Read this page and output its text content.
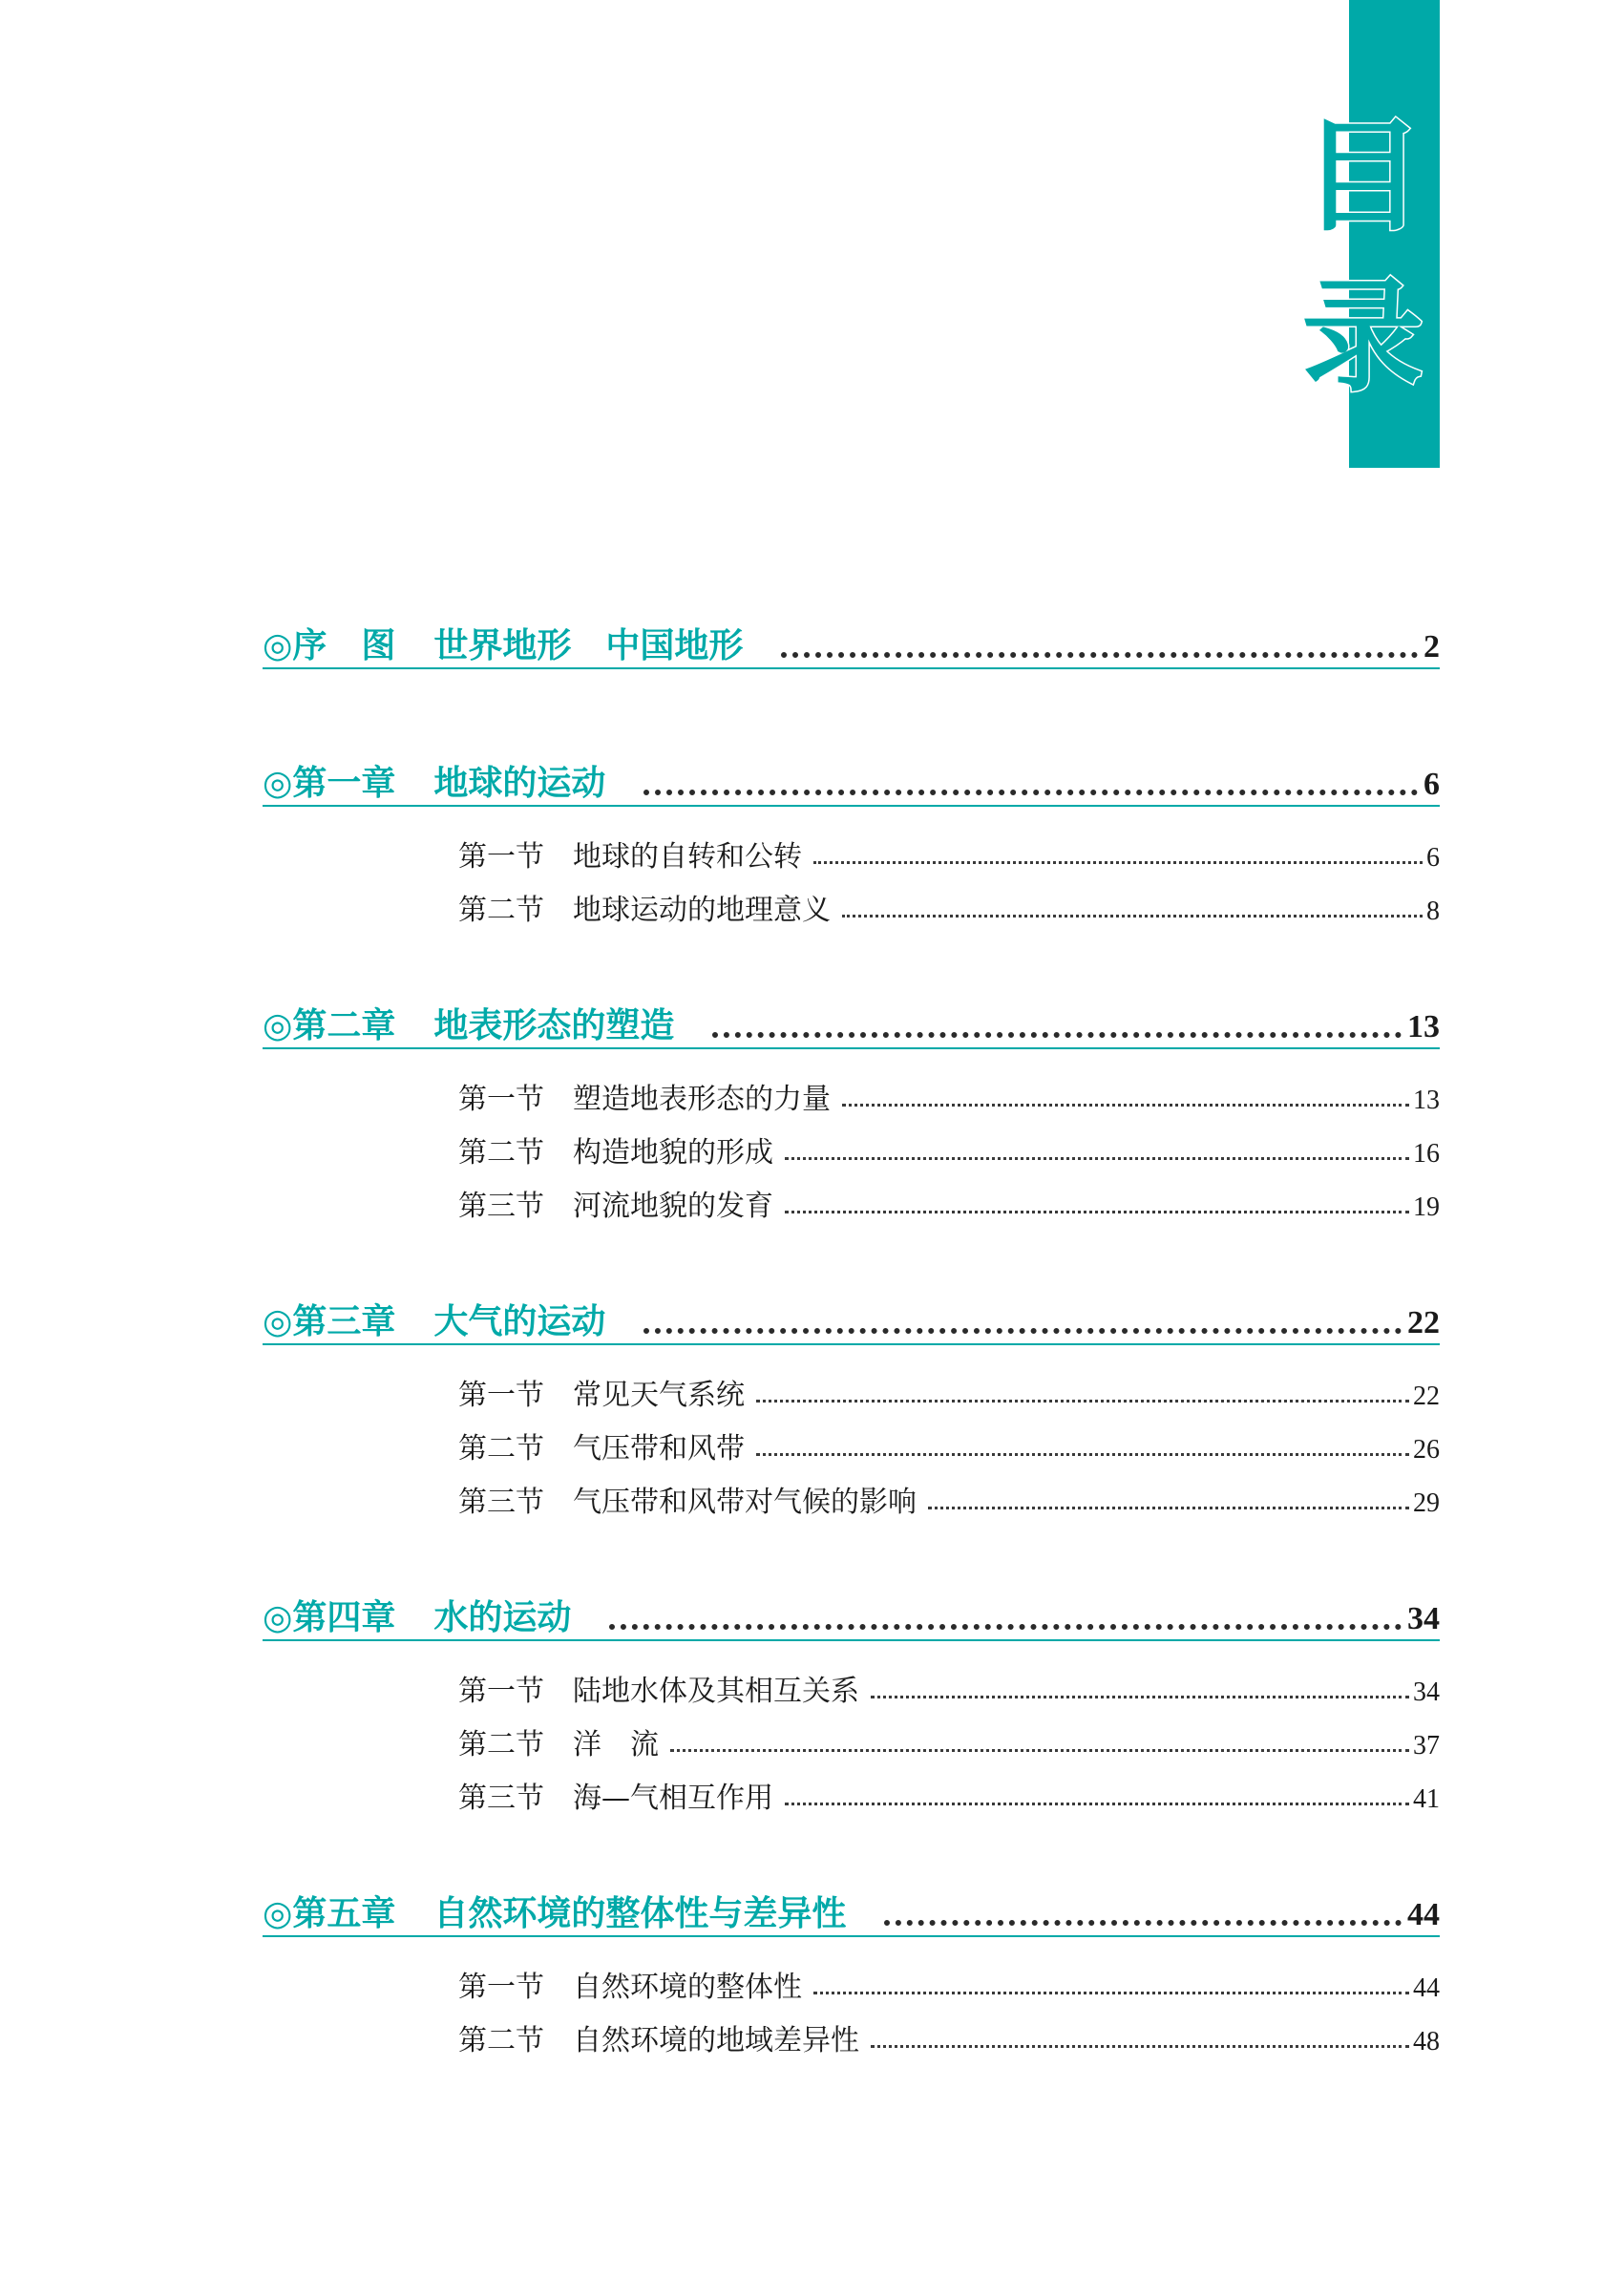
目
录
◎序　图 世界地形　中国地形	2
◎第一章 地球的运动	6
第一节 地球的自转和公转	6
第二节 地球运动的地理意义	8
◎第二章 地表形态的塑造	13
第一节 塑造地表形态的力量	13
第二节 构造地貌的形成	16
第三节 河流地貌的发育	19
◎第三章 大气的运动	22
第一节 常见天气系统	22
第二节 气压带和风带	26
第三节 气压带和风带对气候的影响	29
◎第四章 水的运动	34
第一节 陆地水体及其相互关系	34
第二节 洋　流	37
第三节 海—气相互作用	41
◎第五章 自然环境的整体性与差异性	44
第一节 自然环境的整体性	44
第二节 自然环境的地域差异性	48
